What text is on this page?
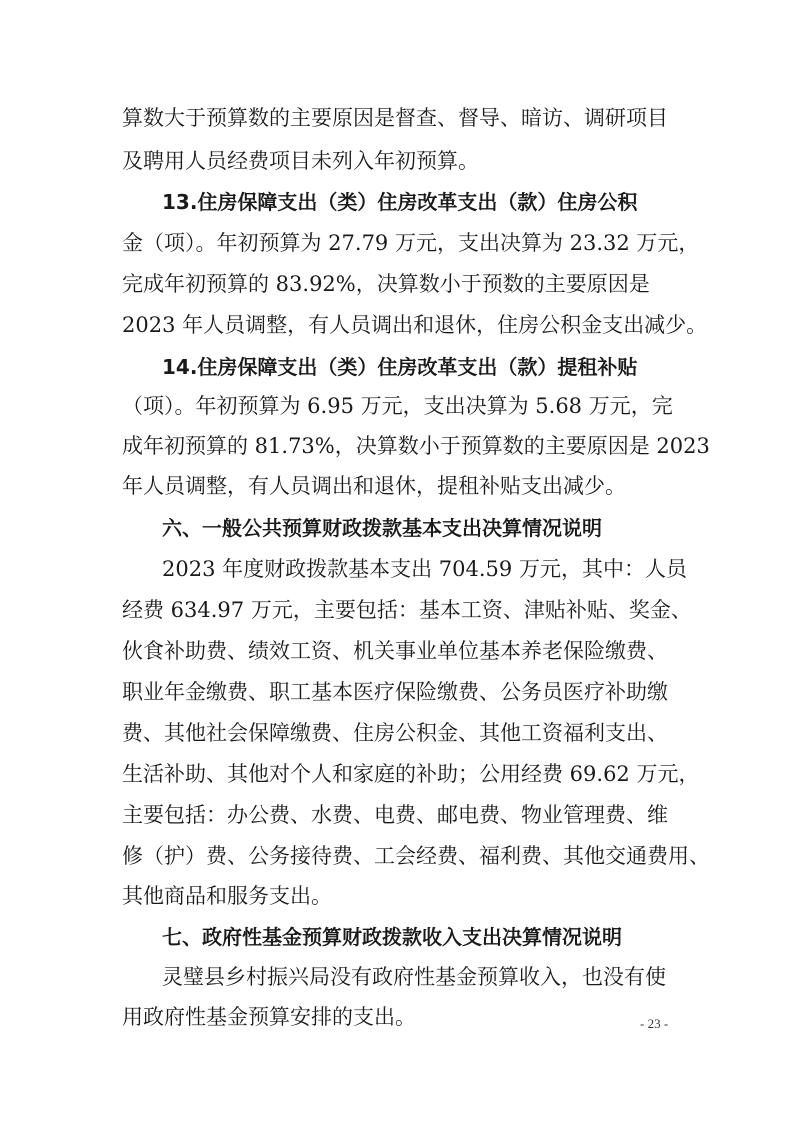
算数大于预算数的主要原因是督查、督导、暗访、调研项目

及聘用人员经费项目未列入年初预算。

13.住房保障支出（类）住房改革支出（款）住房公积

金（项）。年初预算为 27.79 万元，支出决算为 23.32 万元，

完成年初预算的 83.92%，决算数小于预数的主要原因是

2023 年人员调整，有人员调出和退休，住房公积金支出减少。

14.住房保障支出（类）住房改革支出（款）提租补贴

（项）。年初预算为 6.95 万元，支出决算为 5.68 万元，完

成年初预算的 81.73%，决算数小于预算数的主要原因是 2023

年人员调整，有人员调出和退休，提租补贴支出减少。

六、一般公共预算财政拨款基本支出决算情况说明

2023 年度财政拨款基本支出 704.59 万元，其中：人员

经费 634.97 万元，主要包括：基本工资、津贴补贴、奖金、

伙食补助费、绩效工资、机关事业单位基本养老保险缴费、

职业年金缴费、职工基本医疗保险缴费、公务员医疗补助缴

费、其他社会保障缴费、住房公积金、其他工资福利支出、

生活补助、其他对个人和家庭的补助；公用经费 69.62 万元，

主要包括：办公费、水费、电费、邮电费、物业管理费、维

修（护）费、公务接待费、工会经费、福利费、其他交通费用、

其他商品和服务支出。

七、政府性基金预算财政拨款收入支出决算情况说明

灵璧县乡村振兴局没有政府性基金预算收入，也没有使

用政府性基金预算安排的支出。	- 23 -
